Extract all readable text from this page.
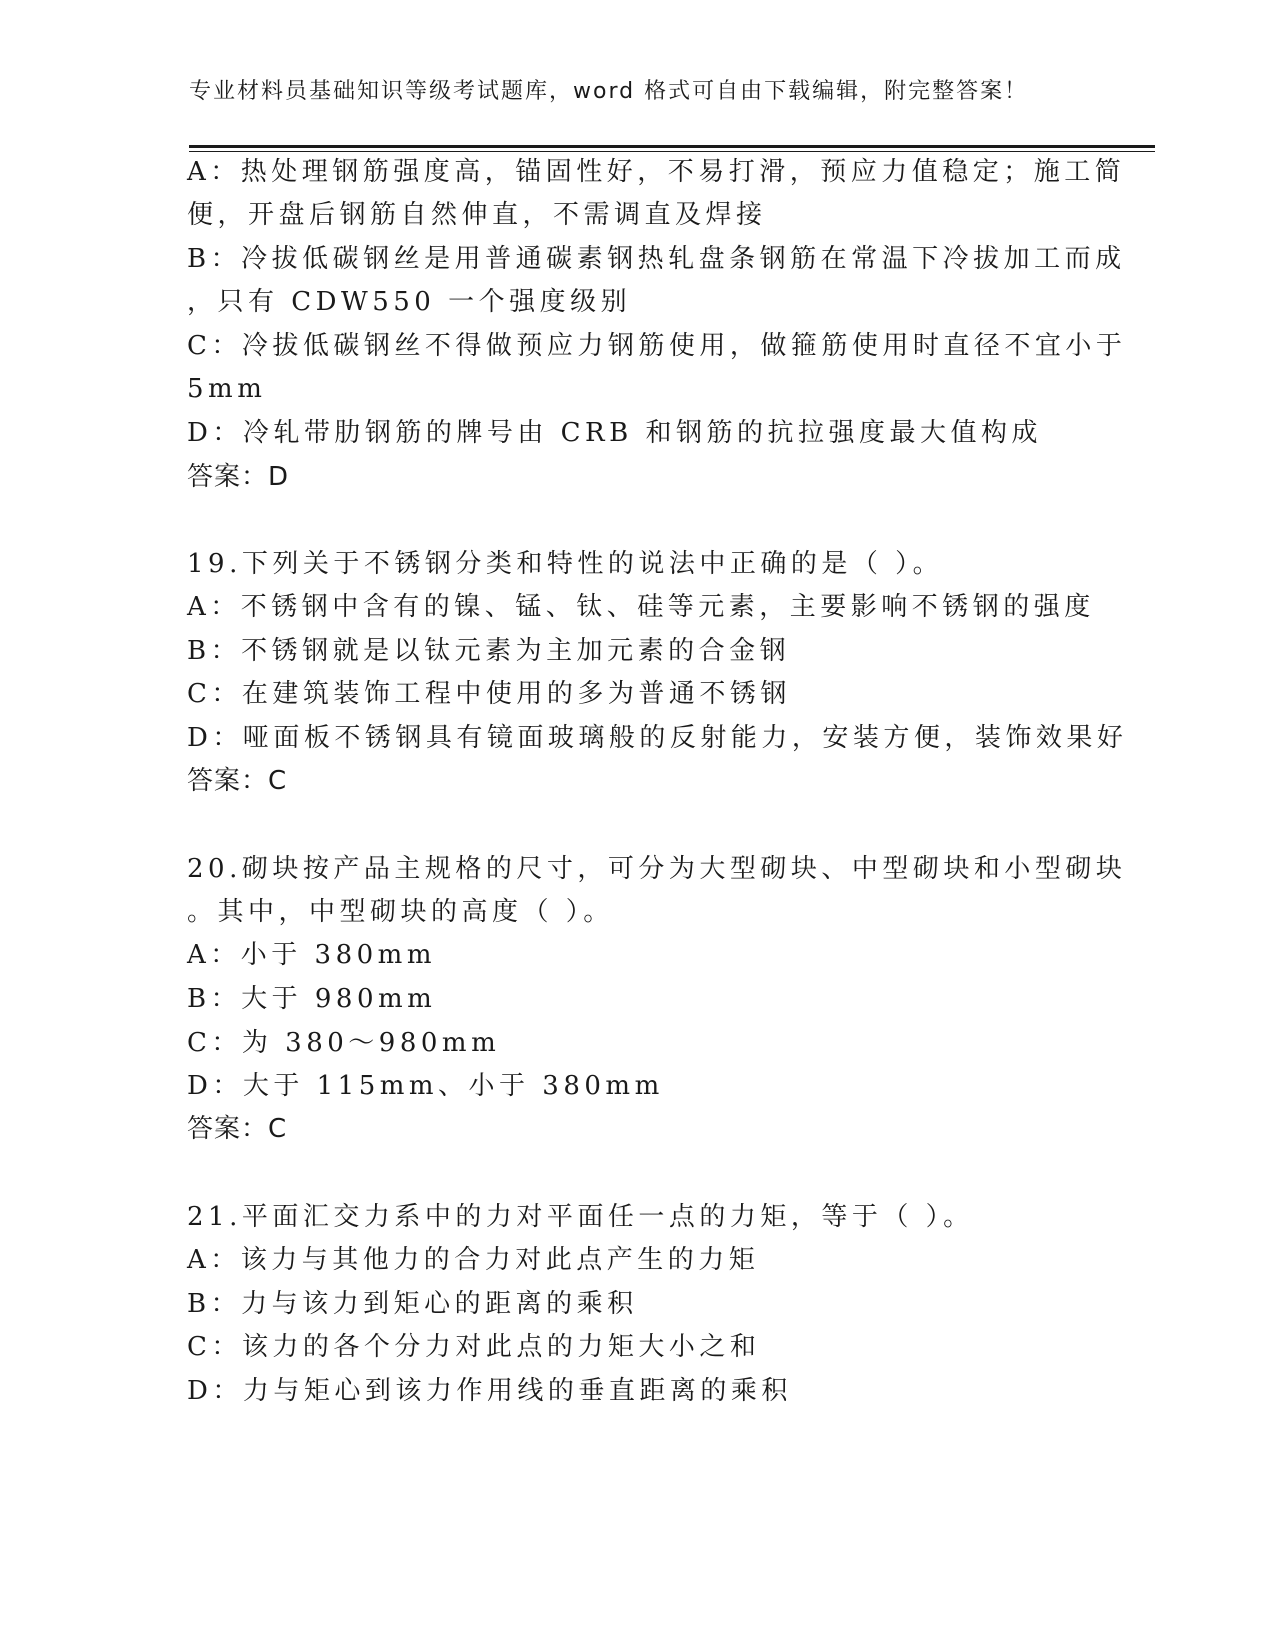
专业材料员基础知识等级考试题库，word 格式可自由下载编辑，附完整答案！
A：热处理钢筋强度高，锚固性好，不易打滑，预应力值稳定；施工简
便，开盘后钢筋自然伸直，不需调直及焊接
B：冷拔低碳钢丝是用普通碳素钢热轧盘条钢筋在常温下冷拔加工而成
，只有 CDW550 一个强度级别
C：冷拔低碳钢丝不得做预应力钢筋使用，做箍筋使用时直径不宜小于
5mm
D：冷轧带肋钢筋的牌号由 CRB 和钢筋的抗拉强度最大值构成
答案：D
19.下列关于不锈钢分类和特性的说法中正确的是（ ）。
A：不锈钢中含有的镍、锰、钛、硅等元素，主要影响不锈钢的强度
B：不锈钢就是以钛元素为主加元素的合金钢
C：在建筑装饰工程中使用的多为普通不锈钢
D：哑面板不锈钢具有镜面玻璃般的反射能力，安装方便，装饰效果好
答案：C
20.砌块按产品主规格的尺寸，可分为大型砌块、中型砌块和小型砌块
。其中，中型砌块的高度（ ）。
A：小于 380mm
B：大于 980mm
C：为 380～980mm
D：大于 115mm、小于 380mm
答案：C
21.平面汇交力系中的力对平面任一点的力矩，等于（ ）。
A：该力与其他力的合力对此点产生的力矩
B：力与该力到矩心的距离的乘积
C：该力的各个分力对此点的力矩大小之和
D：力与矩心到该力作用线的垂直距离的乘积
